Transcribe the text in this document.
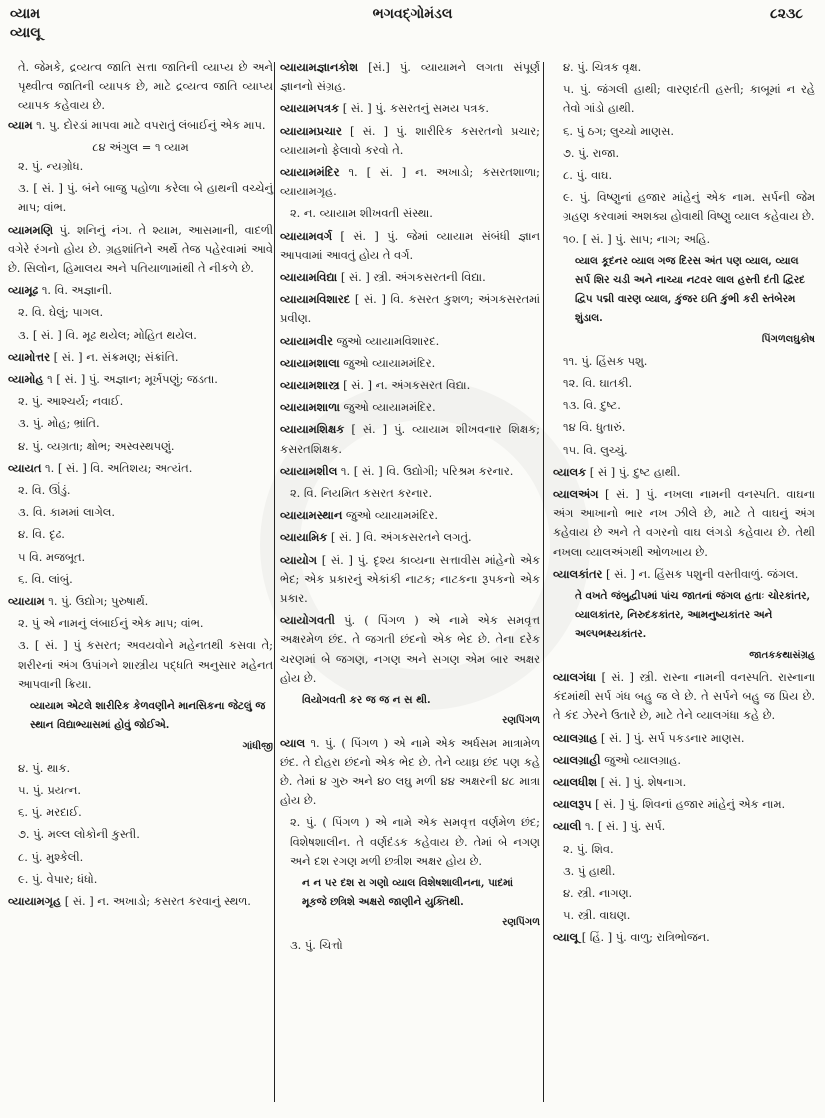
વ્યામ
વ્યાલૂ
ભગવદ્ગોમંડલ	૮૨૩૮
તે. જેમકે, દ્રવ્યત્વ જાતિ સત્તા જાતિની વ્યાપ્ય છે અને પૃથ્વીત્વ જાતિની વ્યાપક છે, માટે દ્રવ્યત્વ જાતિ વ્યાપ્ય વ્યાપક કહેવાય છે.
વ્યામ ૧. પુ. દોરડાં માપવા માટે વપરાતું લંબાઈનું એક માપ.
૮૪ અંગુલ = ૧ વ્યામ
૨. પું. ન્યગ્રોધ.
૩. [ સં. ] પું. બંને બાજુ પહોળા કરેલા બે હાથની વચ્ચેનું માપ; વાંભ.
વ્યામમણિ પું. શનિનું નંગ. તે શ્યામ, આસમાની, વાદળી વગેરે રંગનો હોય છે. ગ્રહશાંતિને અર્થે તેજ પહેરવામાં આવે છે. સિલોન, હિમાલય અને પતિયાળામાંથી તે નીકળે છે.
વ્યામૂઢ ૧. વિ. અજ્ઞાની.
૨. વિ. ઘેલું; પાગલ.
૩. [ સં. ] વિ. મૂઢ થયેલ; મોહિત થયેલ.
વ્યામોત્તર [ સં. ] ન. સંક્રમણ; સંક્રાંતિ.
વ્યામોહ ૧ [ સં. ] પું. અજ્ઞાન; મૂર્ખપણું; જડતા.
૨. પું. આશ્ચર્ય; નવાઈ.
૩. પું. મોહ; ભ્રાંતિ.
૪. પું. વ્યગ્રતા; ક્ષોભ; અસ્વસ્થપણું.
વ્યાયત ૧. [ સં. ] વિ. અતિશય; અત્યંત.
૨. વિ. ઊંડું.
૩. વિ. કામમાં લાગેલ.
૪. વિ. દૃઢ.
૫ વિ. મજબૂત.
૬. વિ. લાંબું.
વ્યાયામ ૧. પું. ઉદ્યોગ; પુરુષાર્થ.
૨. પું એ નામનું લંબાઈનું એક માપ; વાંભ.
૩. [ સં. ] પું કસરત; અવયવોને મહેનતથી કસવા તે; શરીરનાં અંગ ઉપાંગને શાસ્ત્રીય પદ્ધતિ અનુસાર મહેનત આપવાની ક્રિયા.
વ્યાયામ એટલે શારીરિક કેળવણીને માનસિકના જેટલું જ સ્થાન વિદ્યાભ્યાસમાં હોવું જોઈએ.
ગાંધીજી
૪. પું. થાક.
૫. પું. પ્રયત્ન.
૬. પું. મરદાઈ.
૭. પું. મલ્લ લોકોની કુસ્તી.
૮. પું. મુશ્કેલી.
૯. પું. વેપાર; ધંધો.
વ્યાયામગૃહ [ સં. ] ન. અખાડો; કસરત કરવાનું સ્થળ.
વ્યાયામજ્ઞાનકોશ [સં.] પું. વ્યાયામને લગતા સંપૂર્ણ જ્ઞાનનો સંગ્રહ.
વ્યાયામપત્રક [ સં. ] પું. કસરતનું સમય પત્રક.
વ્યાયામપ્રચાર [ સં. ] પું. શારીરિક કસરતનો પ્રચાર; વ્યાયામનો ફેલાવો કરવો તે.
વ્યાયામમંદિર ૧. [ સં. ] ન. અખાડો; કસરતશાળા; વ્યાયામગૃહ.
૨. ન. વ્યાયામ શીખવતી સંસ્થા.
વ્યાયામવર્ગ [ સં. ] પું. જેમાં વ્યાયામ સંબંધી જ્ઞાન આપવામાં આવતું હોય તે વર્ગ.
વ્યાયામવિદ્યા [ સં. ] સ્ત્રી. અંગકસરતની વિદ્યા.
વ્યાયામવિશારદ [ સં. ] વિ. કસરત કુશળ; અંગકસરતમાં પ્રવીણ.
વ્યાયામવીર જુઓ વ્યાયામવિશારદ.
વ્યાયામશાલા જુઓ વ્યાયામમંદિર.
વ્યાયામશાસ્ત્ર [ સં. ] ન. અંગકસરત વિદ્યા.
વ્યાયામશાળા જુઓ વ્યાયામમંદિર.
વ્યાયામશિક્ષક [ સં. ] પું. વ્યાયામ શીખવનાર શિક્ષક; કસરતશિક્ષક.
વ્યાયામશીલ ૧. [ સં. ] વિ. ઉદ્યોગી; પરિશ્રમ કરનાર.
૨. વિ. નિયમિત કસરત કરનાર.
વ્યાયામસ્થાન જુઓ વ્યાયામમંદિર.
વ્યાયામિક [ સં. ] વિ. અંગકસરતને લગતું.
વ્યાયોગ [ સં. ] પું. દૃશ્ય કાવ્યના સત્તાવીસ માંહેનો એક ભેદ; એક પ્રકારનું એકાંકી નાટક; નાટકના રૂપકનો એક પ્રકાર.
વ્યાયોગવતી પું. ( પિંગળ ) એ નામે એક સમવૃત્ત અક્ષરમેળ છંદ. તે જગતી છંદનો એક ભેદ છે. તેના દરેક ચરણમાં બે જગણ, નગણ અને સગણ એમ બાર અક્ષર હોય છે.
વિયોગવતી કર જ જ ન સ થી.
રણપિંગળ
વ્યાલ ૧. પું. ( પિંગળ ) એ નામે એક અર્ધસમ માત્રામેળ છંદ. તે દોહરા છંદનો એક ભેદ છે. તેને વ્યાઘ્ર છંદ પણ કહે છે. તેમાં ૪ ગુરુ અને ૪૦ લઘુ મળી ૪૪ અક્ષરની ૪૮ માત્રા હોય છે.
૨. પું. ( પિંગળ ) એ નામે એક સમવૃત્ત વર્ણમેળ છંદ; વિશેષશાલીન. તે વર્ણદંડક કહેવાય છે. તેમાં બે નગણ અને દશ રગણ મળી છત્રીશ અક્ષર હોય છે.
ન ન પર દશ રા ગણો વ્યાલ વિશેષશાલીનના, પાદમાં મૂકજે છત્રિશે અક્ષરો જાણીને યુક્તિથી.
રણપિંગળ
૩. પું. ચિત્તો
૪. પું. ચિત્રક વૃક્ષ.
૫. પું. જંગલી હાથી; વારણદંતી હસ્તી; કાબૂમાં ન રહે તેવો ગાંડો હાથી.
૬. પું ઠગ; લુચ્ચો માણસ.
૭. પું. રાજા.
૮. પું. વાઘ.
૯. પું. વિષ્ણુનાં હજાર માંહેનું એક નામ. સર્પની જેમ ગ્રહણ કરવામાં અશક્ય હોવાથી વિષ્ણુ વ્યાલ કહેવાય છે.
૧૦. [ સં. ] પું. સાપ; નાગ; અહિ.
વ્યાલ કૂદનર વ્યાલ ગજ દિરસ અંત પણ વ્યાલ, વ્યાલ સર્પ શિર ચડી અને નાચ્યા નટવર લાલ હસ્તી દંતી દ્વિરદ દ્વિપ પદ્મી વારણ વ્યાલ, કુંજર ઇતિ કુંભી કરી સ્તંબેરમ શુંડાલ.
પિંગળલઘુકોષ
૧૧. પું. હિંસક પશુ.
૧૨. વિ. ઘાતકી.
૧૩. વિ. દુષ્ટ.
૧૪ વિ. ધુતારું.
૧૫. વિ. લુચ્ચું.
વ્યાલક [ સં ] પું. દુષ્ટ હાથી.
વ્યાલઅંગ [ સં. ] પું. નખલા નામની વનસ્પતિ. વાઘના અંગ આખાનો ભાર નખ ઝીલે છે, માટે તે વાઘનું અંગ કહેવાય છે અને તે વગરનો વાઘ લંગડો કહેવાય છે. તેથી નખલા વ્યાલઅંગથી ઓળખાય છે.
વ્યાલકાંતર [ સં. ] ન. હિંસક પશુની વસ્તીવાળું. જંગલ.
તે વખતે જંબુદ્વીપમાં પાંચ જાતનાં જંગલ હતાઃ ચોરકાંતર, વ્યાલકાંતર, નિરુદકકાંતર, આમનુષ્યકાંતર અને અલ્પભક્ષ્યકાંતર.
જાતકકથાસંગ્રહ
વ્યાલગંધા [ સં. ] સ્ત્રી. રાસ્ના નામની વનસ્પતિ. રાસ્નાના કંદમાંથી સર્પ ગંધ બહુ જ લે છે. તે સર્પને બહુ જ પ્રિય છે. તે કંદ ઝેરને ઉતારે છે, માટે તેને વ્યાલગંધા કહે છે.
વ્યાલગ્રાહ [ સં. ] પું. સર્પ પકડનાર માણસ.
વ્યાલગ્રાહી જુઓ વ્યાલગ્રાહ.
વ્યાલધીશ [ સં. ] પું. શેષનાગ.
વ્યાલરૂપ [ સં. ] પું. શિવનાં હજાર માંહેનું એક નામ.
વ્યાલી ૧. [ સં. ] પું. સર્પ.
૨. પું. શિવ.
૩. પું હાથી.
૪. સ્ત્રી. નાગણ.
૫. સ્ત્રી. વાઘણ.
વ્યાલૂ [ હિં. ] પું. વાળુ; રાત્રિભોજન.
